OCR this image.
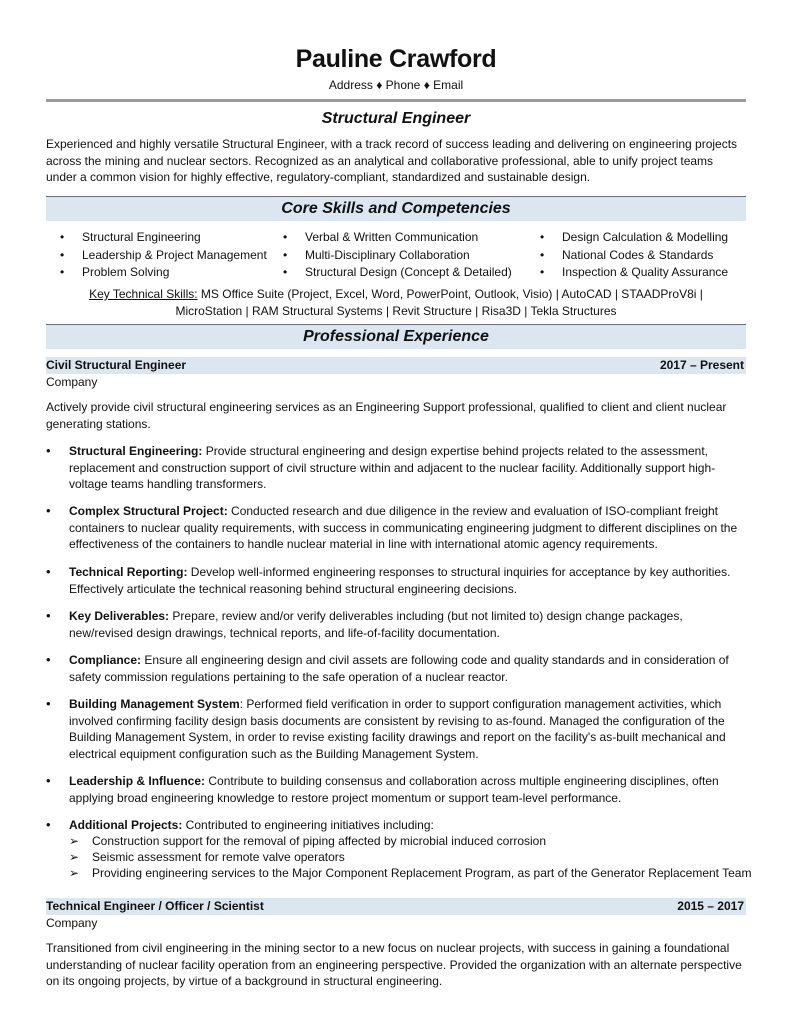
Pauline Crawford
Address ♦ Phone ♦ Email
Structural Engineer
Experienced and highly versatile Structural Engineer, with a track record of success leading and delivering on engineering projects across the mining and nuclear sectors. Recognized as an analytical and collaborative professional, able to unify project teams under a common vision for highly effective, regulatory-compliant, standardized and sustainable design.
Core Skills and Competencies
• Structural Engineering
• Leadership & Project Management
• Problem Solving
• Verbal & Written Communication
• Multi-Disciplinary Collaboration
• Structural Design (Concept & Detailed)
• Design Calculation & Modelling
• National Codes & Standards
• Inspection & Quality Assurance
Key Technical Skills: MS Office Suite (Project, Excel, Word, PowerPoint, Outlook, Visio) | AutoCAD | STAADProV8i |
MicroStation | RAM Structural Systems | Revit Structure | Risa3D | Tekla Structures
Professional Experience
Civil Structural Engineer	2017 – Present
Company
Actively provide civil structural engineering services as an Engineering Support professional, qualified to client and client nuclear generating stations.
• Structural Engineering: Provide structural engineering and design expertise behind projects related to the assessment, replacement and construction support of civil structure within and adjacent to the nuclear facility. Additionally support high-voltage teams handling transformers.
• Complex Structural Project: Conducted research and due diligence in the review and evaluation of ISO-compliant freight containers to nuclear quality requirements, with success in communicating engineering judgment to different disciplines on the effectiveness of the containers to handle nuclear material in line with international atomic agency requirements.
• Technical Reporting: Develop well-informed engineering responses to structural inquiries for acceptance by key authorities. Effectively articulate the technical reasoning behind structural engineering decisions.
• Key Deliverables: Prepare, review and/or verify deliverables including (but not limited to) design change packages, new/revised design drawings, technical reports, and life-of-facility documentation.
• Compliance: Ensure all engineering design and civil assets are following code and quality standards and in consideration of safety commission regulations pertaining to the safe operation of a nuclear reactor.
• Building Management System: Performed field verification in order to support configuration management activities, which involved confirming facility design basis documents are consistent by revising to as-found. Managed the configuration of the Building Management System, in order to revise existing facility drawings and report on the facility's as-built mechanical and electrical equipment configuration such as the Building Management System.
• Leadership & Influence: Contribute to building consensus and collaboration across multiple engineering disciplines, often applying broad engineering knowledge to restore project momentum or support team-level performance.
• Additional Projects: Contributed to engineering initiatives including:
➢ Construction support for the removal of piping affected by microbial induced corrosion
➢ Seismic assessment for remote valve operators
➢ Providing engineering services to the Major Component Replacement Program, as part of the Generator Replacement Team
Technical Engineer / Officer / Scientist	2015 – 2017
Company
Transitioned from civil engineering in the mining sector to a new focus on nuclear projects, with success in gaining a foundational understanding of nuclear facility operation from an engineering perspective. Provided the organization with an alternate perspective on its ongoing projects, by virtue of a background in structural engineering.
